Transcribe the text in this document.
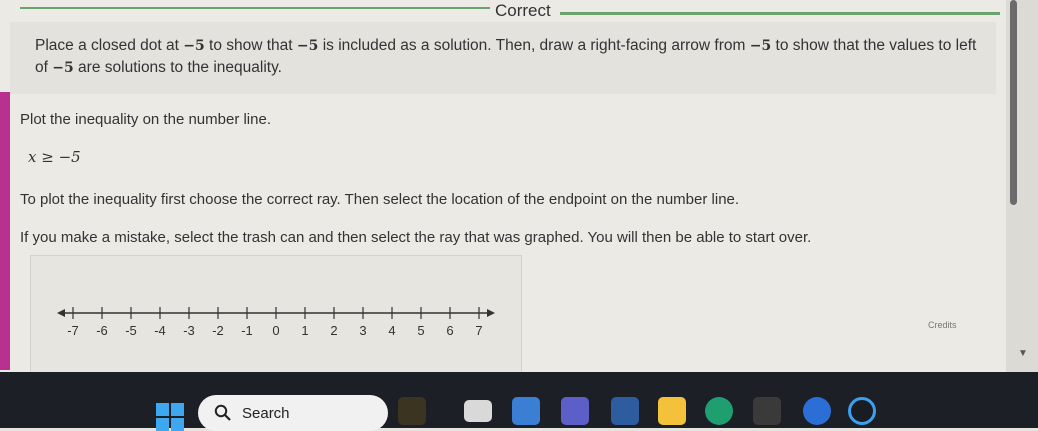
Correct
Place a closed dot at −5 to show that −5 is included as a solution. Then, draw a right-facing arrow from −5 to show that the values to left of −5 are solutions to the inequality.
Plot the inequality on the number line.
x ≥ −5
To plot the inequality first choose the correct ray. Then select the location of the endpoint on the number line.
If you make a mistake, select the trash can and then select the ray that was graphed. You will then be able to start over.
-7 -6 -5 -4 -3 -2 -1 0 1 2 3 4 5 6 7	Credits
▼
Search
